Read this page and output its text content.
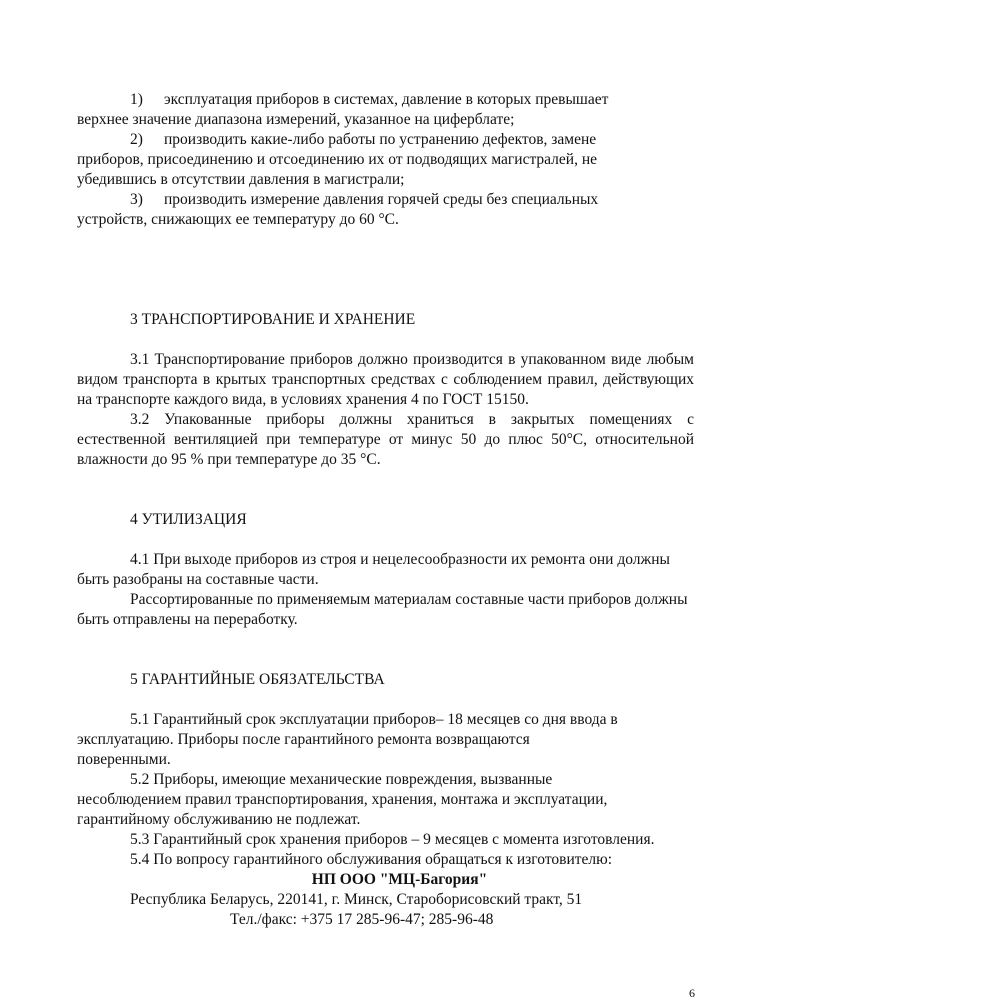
1) эксплуатация приборов в системах, давление в которых превышает

верхнее значение диапазона измерений, указанное на циферблате;

2) производить какие-либо работы по устранению дефектов, замене

приборов, присоединению и отсоединению их от подводящих магистралей, не

убедившись в отсутствии давления в магистрали;

3) производить измерение давления горячей среды без специальных

устройств, снижающих ее температуру до 60 °С.

3 ТРАНСПОРТИРОВАНИЕ И ХРАНЕНИЕ

3.1 Транспортирование приборов должно производится в упакованном виде любым видом транспорта в крытых транспортных средствах с соблюдением правил, действующих на транспорте каждого вида, в условиях хранения 4 по ГОСТ 15150.

3.2 Упакованные приборы должны храниться в закрытых помещениях с естественной вентиляцией при температуре от минус 50 до плюс 50°С, относительной влажности до 95 % при температуре до 35 °С.

4 УТИЛИЗАЦИЯ

4.1 При выходе приборов из строя и нецелесообразности их ремонта они должны быть разобраны на составные части.

Рассортированные по применяемым материалам составные части приборов должны быть отправлены на переработку.

5 ГАРАНТИЙНЫЕ ОБЯЗАТЕЛЬСТВА

5.1 Гарантийный срок эксплуатации приборов– 18 месяцев со дня ввода в

эксплуатацию. Приборы после гарантийного ремонта возвращаются

поверенными.

5.2 Приборы, имеющие механические повреждения, вызванные

несоблюдением правил транспортирования, хранения, монтажа и эксплуатации,

гарантийному обслуживанию не подлежат.

5.3 Гарантийный срок хранения приборов – 9 месяцев с момента изготовления.

5.4 По вопросу гарантийного обслуживания обращаться к изготовителю:

НП ООО "МЦ-Багория"

Республика Беларусь, 220141, г. Минск, Староборисовский тракт, 51

Тел./факс: +375 17 285-96-47; 285-96-48

6
